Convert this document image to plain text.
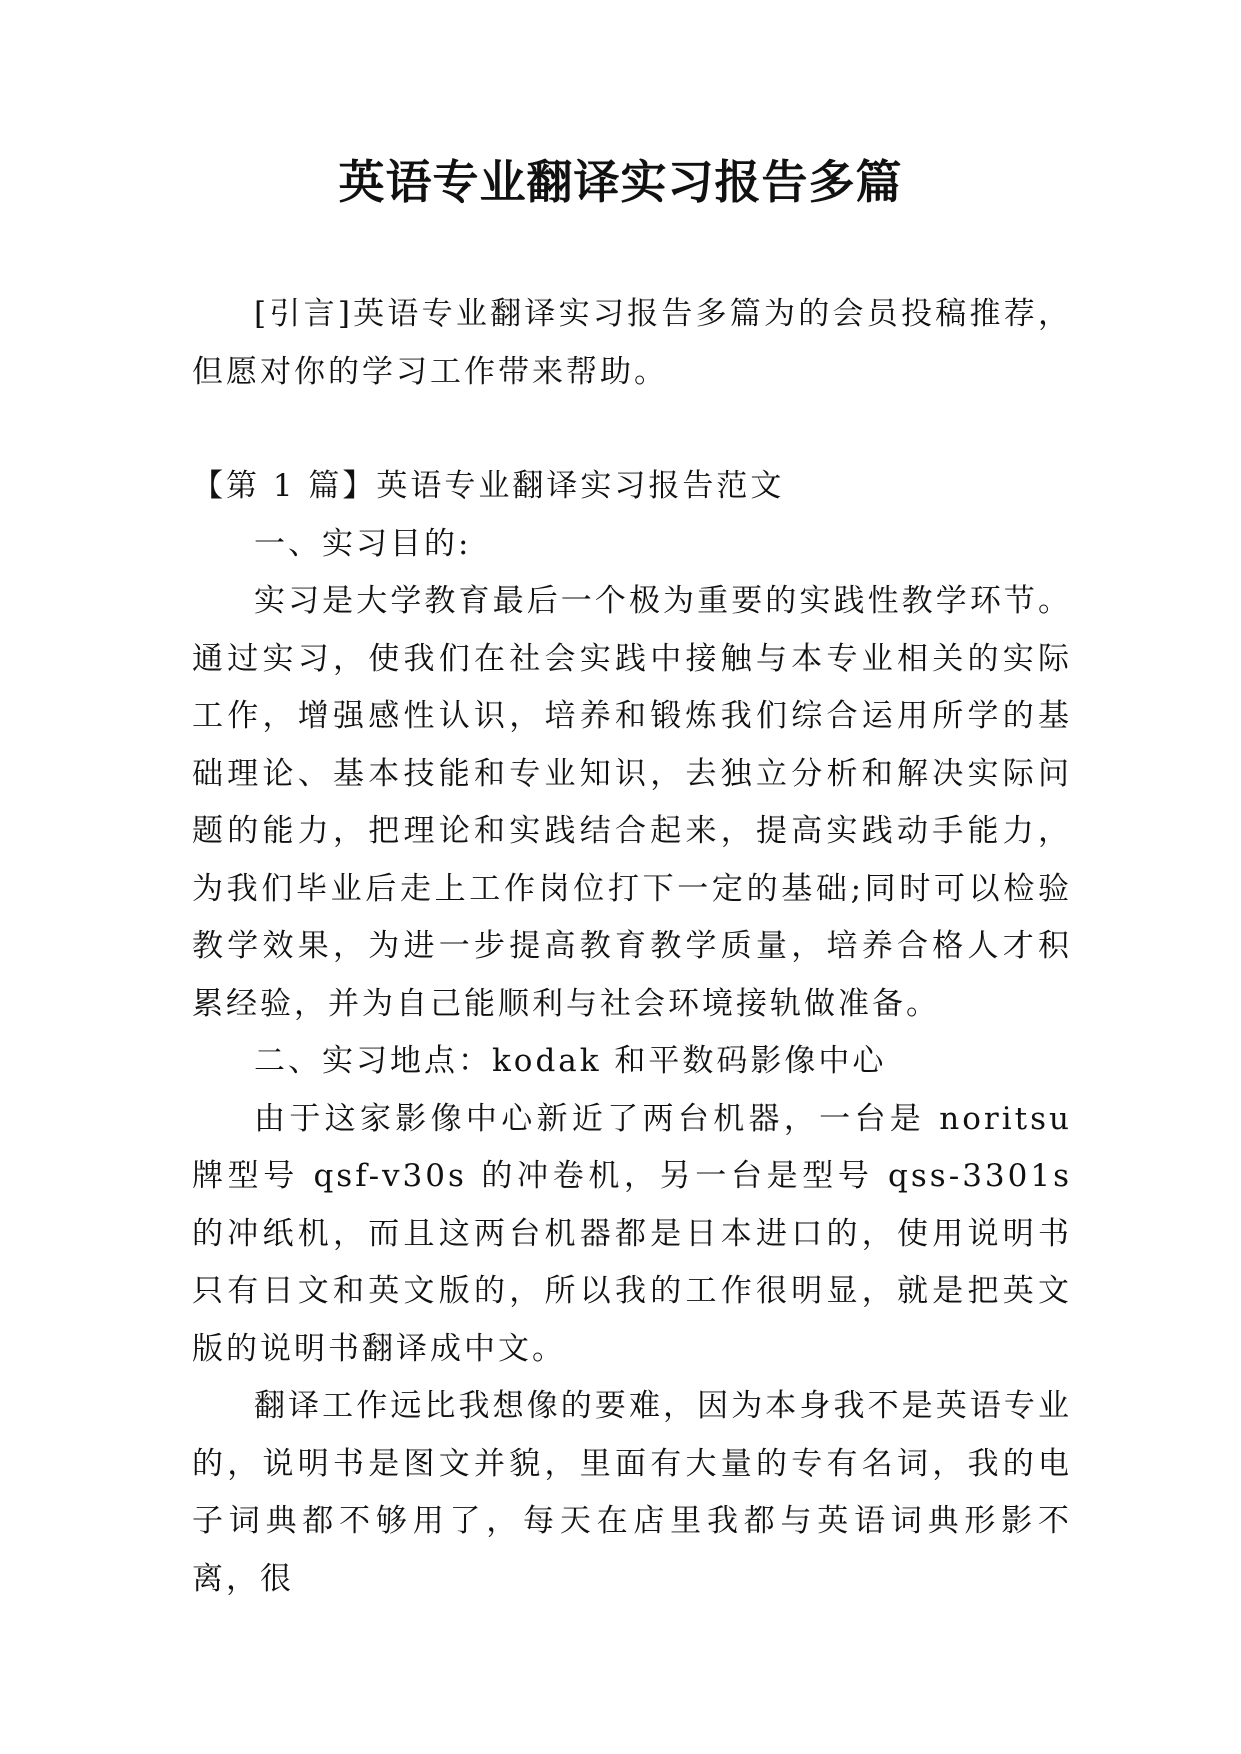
英语专业翻译实习报告多篇

[引言]英语专业翻译实习报告多篇为的会员投稿推荐，但愿对你的学习工作带来帮助。

【第 1 篇】英语专业翻译实习报告范文

一、实习目的:

实习是大学教育最后一个极为重要的实践性教学环节。通过实习，使我们在社会实践中接触与本专业相关的实际工作，增强感性认识，培养和锻炼我们综合运用所学的基础理论、基本技能和专业知识，去独立分析和解决实际问题的能力，把理论和实践结合起来，提高实践动手能力，为我们毕业后走上工作岗位打下一定的基础;同时可以检验教学效果，为进一步提高教育教学质量，培养合格人才积累经验，并为自己能顺利与社会环境接轨做准备。

二、实习地点：kodak 和平数码影像中心

由于这家影像中心新近了两台机器，一台是 noritsu 牌型号 qsf-v30s 的冲卷机，另一台是型号 qss-3301s 的冲纸机，而且这两台机器都是日本进口的，使用说明书只有日文和英文版的，所以我的工作很明显，就是把英文版的说明书翻译成中文。

翻译工作远比我想像的要难，因为本身我不是英语专业的，说明书是图文并貌，里面有大量的专有名词，我的电子词典都不够用了，每天在店里我都与英语词典形影不离，很
